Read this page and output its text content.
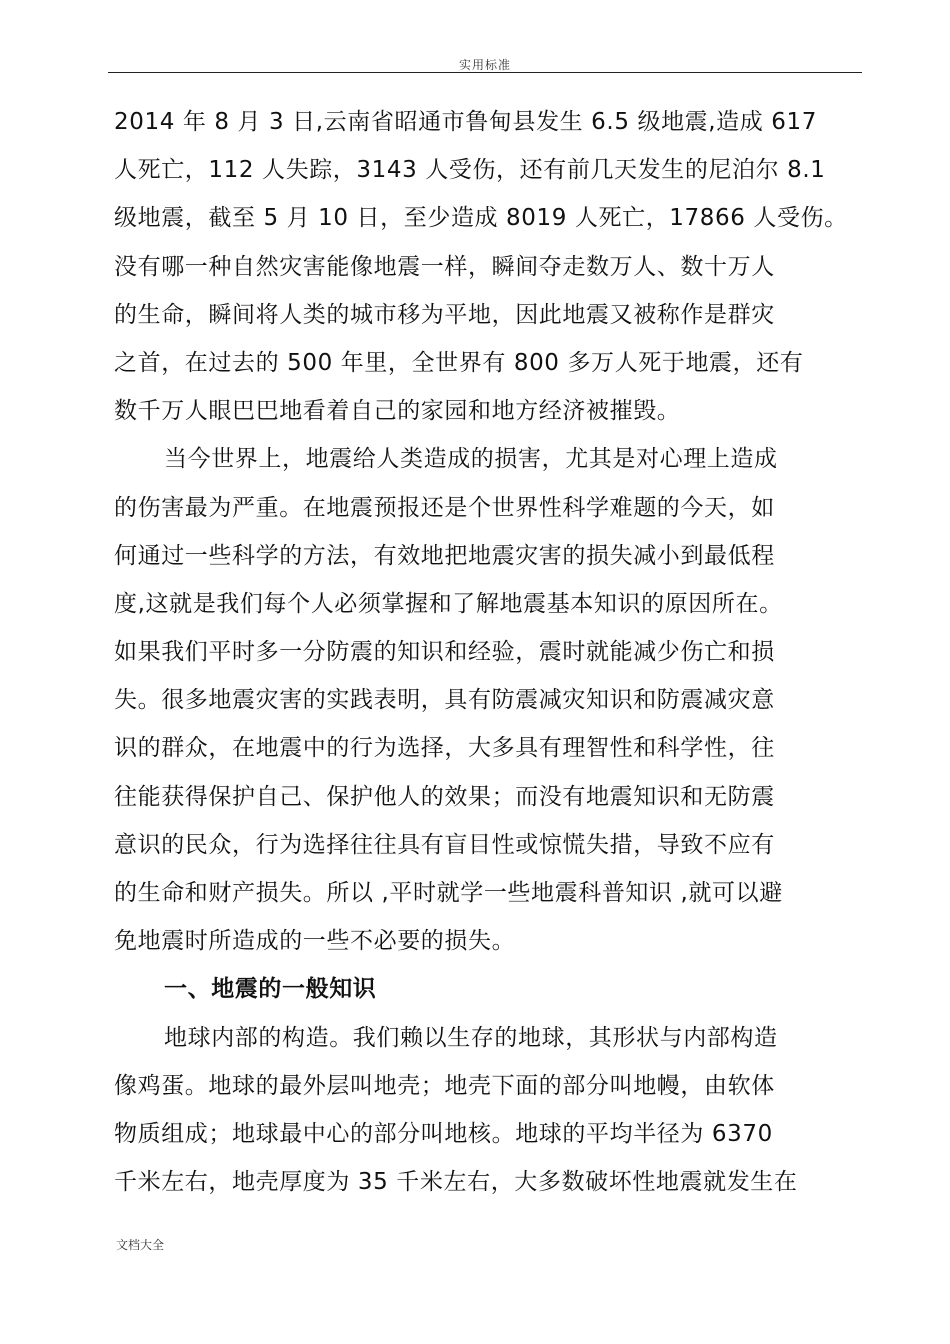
实用标准
2014 年 8 月 3 日,云南省昭通市鲁甸县发生 6.5 级地震,造成 617
人死亡，112 人失踪，3143 人受伤，还有前几天发生的尼泊尔 8.1
级地震，截至 5 月 10 日，至少造成 8019 人死亡，17866 人受伤。
没有哪一种自然灾害能像地震一样，瞬间夺走数万人、数十万人
的生命，瞬间将人类的城市移为平地，因此地震又被称作是群灾
之首，在过去的 500 年里，全世界有 800 多万人死于地震，还有
数千万人眼巴巴地看着自己的家园和地方经济被摧毁。
当今世界上，地震给人类造成的损害，尤其是对心理上造成
的伤害最为严重。在地震预报还是个世界性科学难题的今天，如
何通过一些科学的方法，有效地把地震灾害的损失减小到最低程
度,这就是我们每个人必须掌握和了解地震基本知识的原因所在。
如果我们平时多一分防震的知识和经验，震时就能减少伤亡和损
失。很多地震灾害的实践表明，具有防震减灾知识和防震减灾意
识的群众，在地震中的行为选择，大多具有理智性和科学性，往
往能获得保护自己、保护他人的效果；而没有地震知识和无防震
意识的民众，行为选择往往具有盲目性或惊慌失措，导致不应有
的生命和财产损失。所以 ,平时就学一些地震科普知识 ,就可以避
免地震时所造成的一些不必要的损失。
一、地震的一般知识
地球内部的构造。我们赖以生存的地球，其形状与内部构造
像鸡蛋。地球的最外层叫地壳；地壳下面的部分叫地幔，由软体
物质组成；地球最中心的部分叫地核。地球的平均半径为 6370
千米左右，地壳厚度为 35 千米左右，大多数破坏性地震就发生在
文档大全
